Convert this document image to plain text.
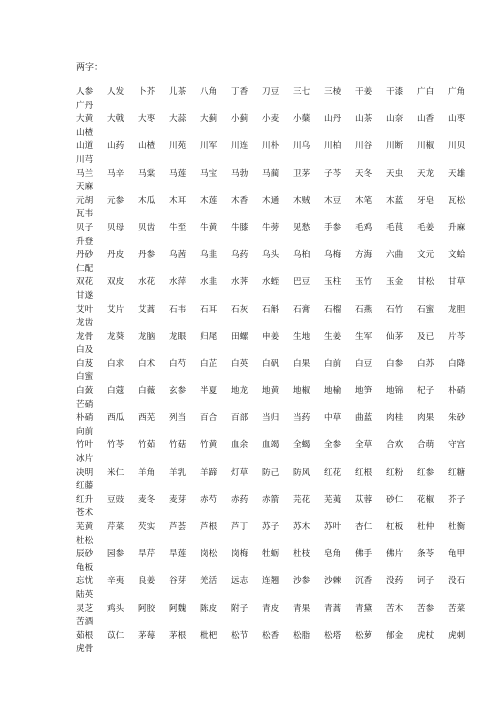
两字：
人参	人发	卜芥	儿茶	八角	丁香	刀豆	三七	三棱	干姜	干漆	广白	广角
广丹
大黄	大戟	大枣	大蒜	大蓟	小蓟	小麦	小蘖	山丹	山茶	山奈	山香	山枣
山楂
山道	山药	山楂	川苑	川军	川连	川朴	川乌	川柏	川谷	川断	川椒	川贝
川芎
马兰	马辛	马棠	马莲	马宝	马勃	马蔺	卫茅	子芩	天冬	天虫	天龙	天雄
天麻
元胡	元参	木瓜	木耳	木莲	木香	木通	木贼	木豆	木笔	木蓝	牙皂	瓦松
瓦韦
贝子	贝母	贝齿	牛至	牛黄	牛膝	牛蒡	见愁	手参	毛鸡	毛茛	毛姜	升麻
升登
丹砂	丹皮	丹参	乌茜	乌韭	乌药	乌头	乌桕	乌梅	方海	六曲	文元	文蛤
仁配
双花	双皮	水花	水萍	水韭	水荠	水蛭	巴豆	玉柱	玉竹	玉金	甘松	甘草
甘遂
艾叶	艾片	艾蒿	石韦	石耳	石灰	石斛	石膏	石榴	石燕	石竹	石蜜	龙胆
龙齿
龙骨	龙葵	龙脑	龙眼	归尾	田螺	申姜	生地	生姜	生军	仙茅	及已	片芩
白及
白芨	白求	白术	白芍	白芷	白英	白矾	白果	白前	白豆	白参	白苏	白降
白蜜
白蔹	白蔻	白薇	玄参	半夏	地龙	地黄	地椒	地榆	地笋	地锦	杞子	朴硝
芒硝
朴硝	西瓜	西芜	列当	百合	百部	当归	当药	中草	曲蓝	肉桂	肉果	朱砂
向前
竹叶	竹苓	竹茹	竹菇	竹黄	血余	血竭	全蝎	全参	全草	合欢	合萌	守宫
冰片
决明	米仁	羊角	羊乳	羊蹄	灯草	防己	防风	红花	红根	红粉	红参	红糖
红藤
红升	豆豉	麦冬	麦芽	赤芍	赤药	赤箭	芫花	芜荑	苁蓉	砂仁	花椒	芥子
苍术
芜黄	芹菜	芡实	芦荟	芦根	芦丁	苏子	苏木	苏叶	杏仁	杠板	杜仲	杜衡
杜松
辰砂	园参	旱芹	旱莲	岗松	岗梅	牡蛎	杜枝	皂角	佛手	佛片	条苓	龟甲
龟板
忘忧	辛夷	良姜	谷芽	羌活	远志	连翘	沙参	沙棘	沉香	没药	诃子	没石
陆英
灵芝	鸡头	阿胶	阿魏	陈皮	附子	青皮	青果	青蒿	青黛	苦木	苦参	苦菜
苦酒
茹根	苡仁	茅莓	茅根	枇杷	松节	松香	松脂	松塔	松萝	郁金	虎杖	虎刺
虎骨
